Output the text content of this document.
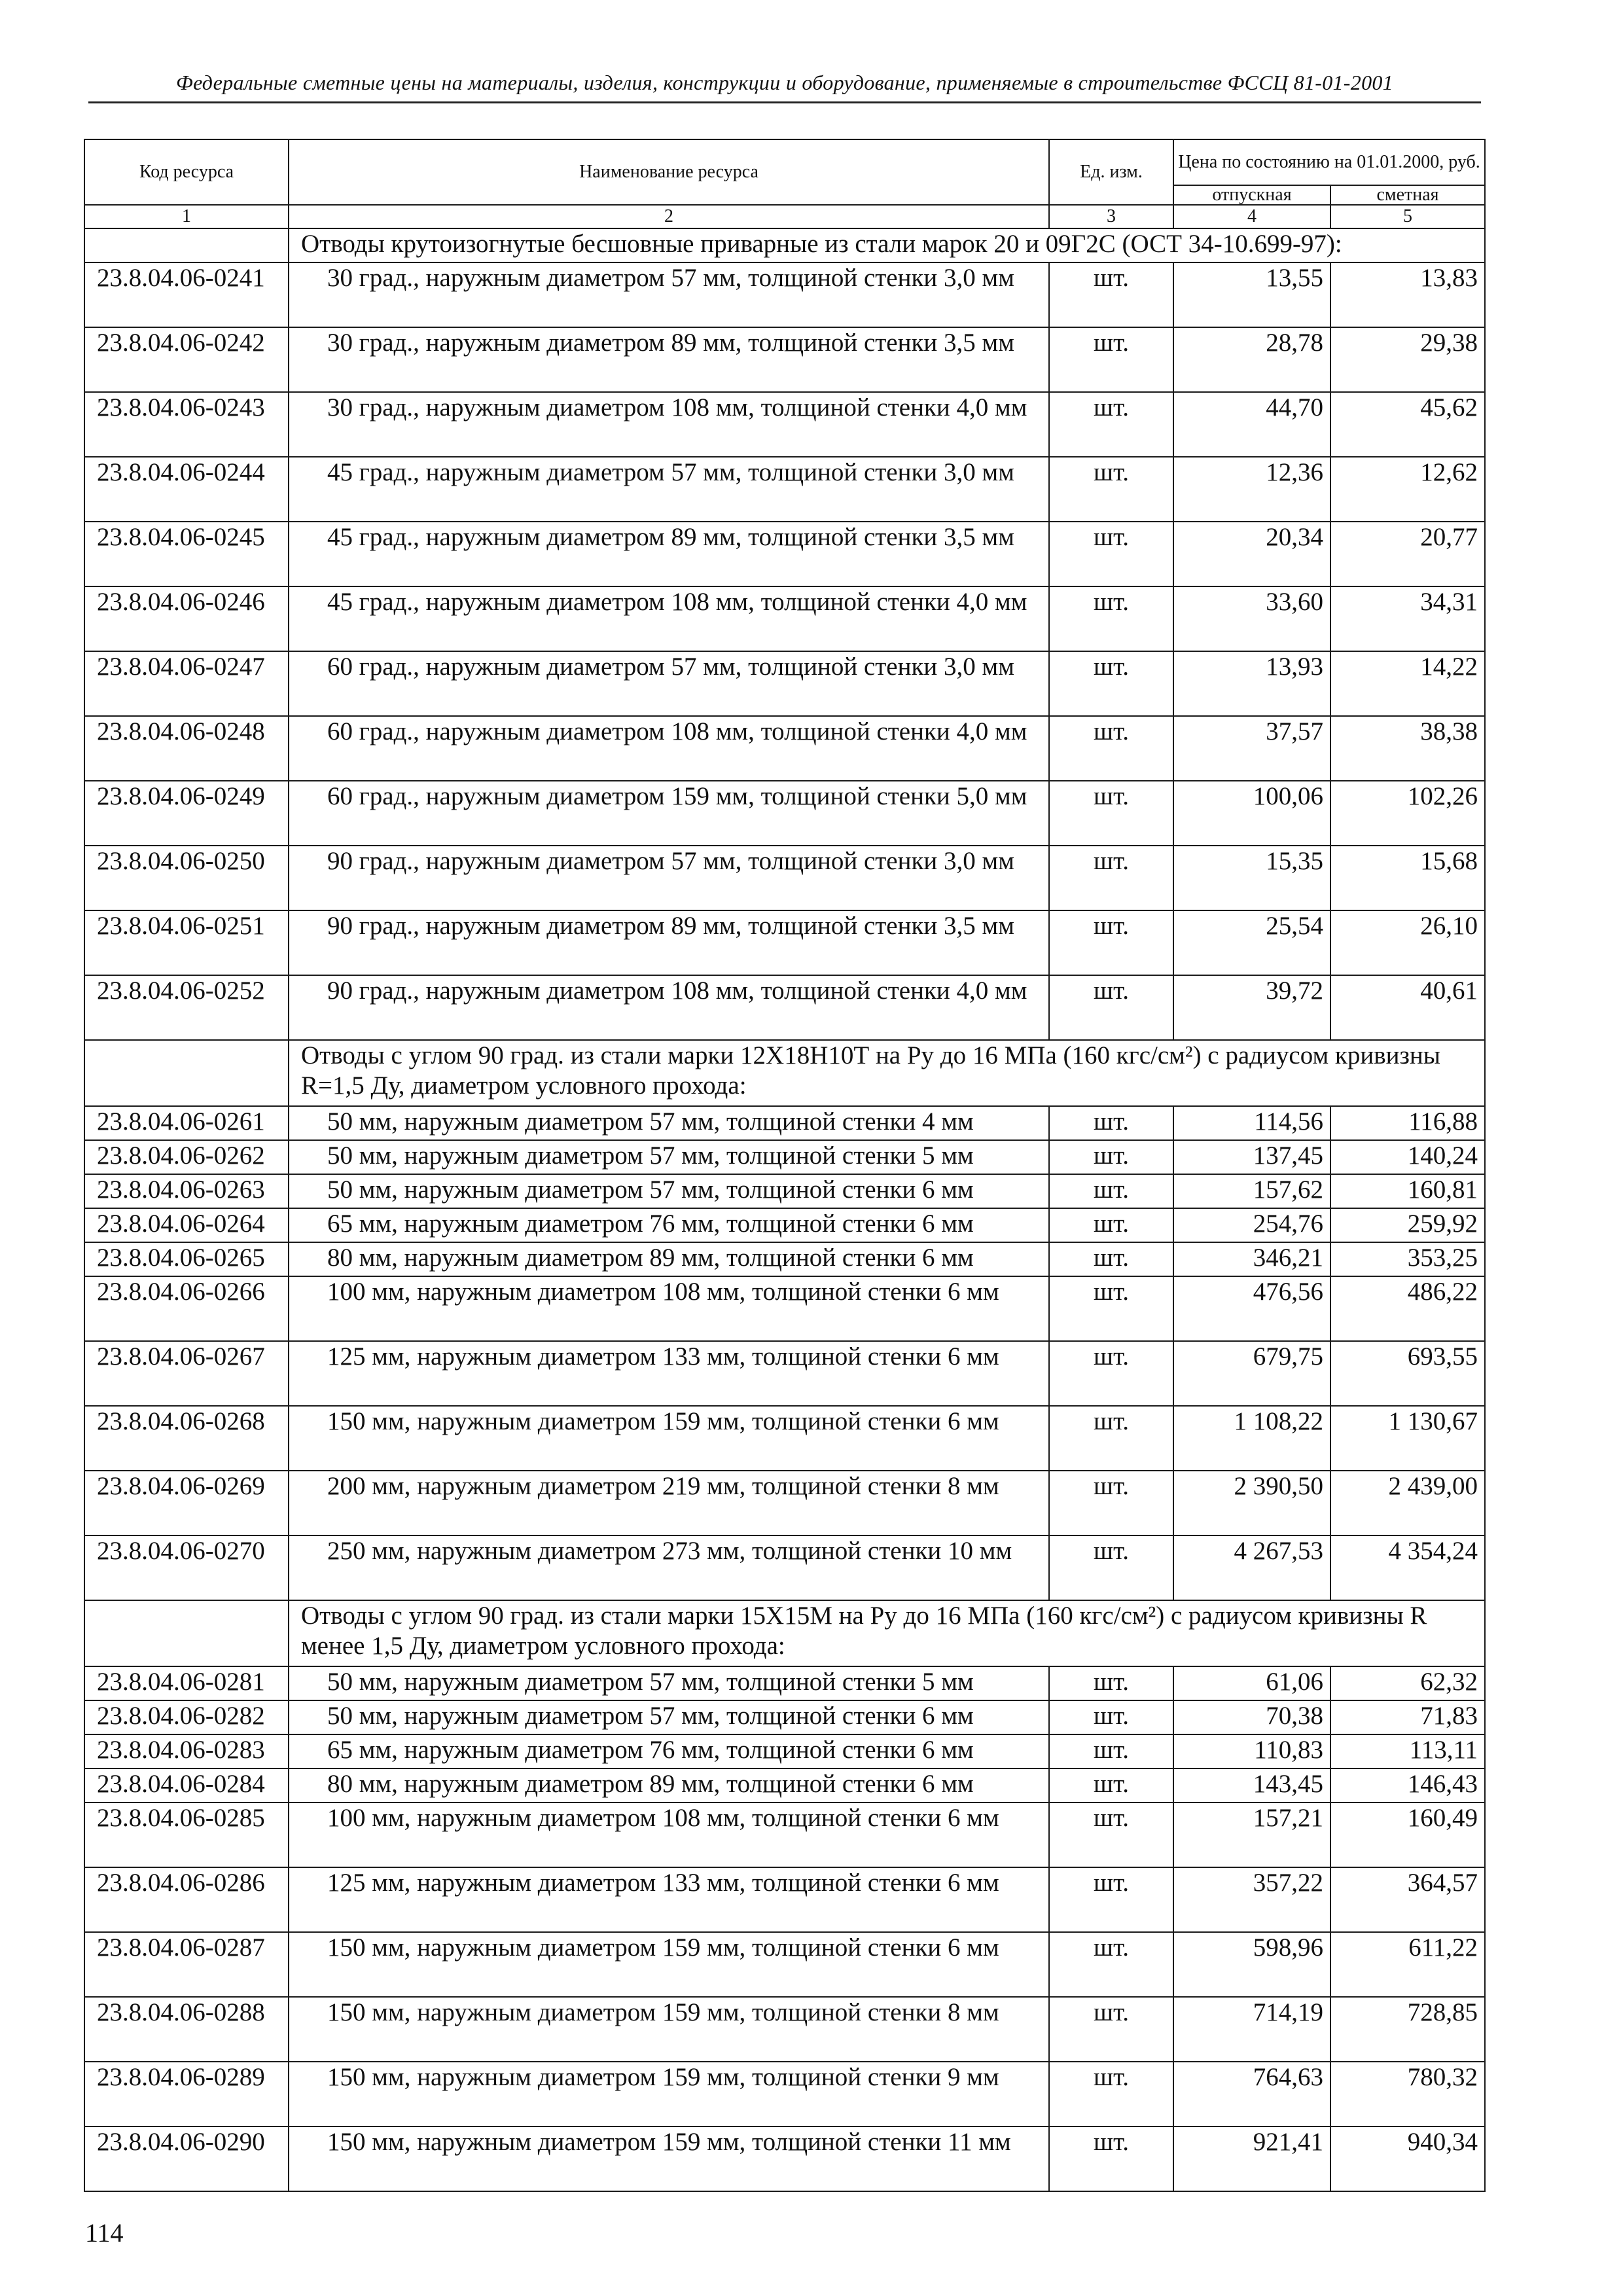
Федеральные сметные цены на материалы, изделия, конструкции и оборудование, применяемые в строительстве ФССЦ 81-01-2001
Код ресурса	Наименование ресурса	Ед. изм.	Цена по состоянию на 01.01.2000, руб.	
			отпускная	сметная
1	2	3	4	5
	Отводы крутоизогнутые бесшовные приварные из стали марок 20 и 09Г2С (ОСТ 34-10.699-97):			
23.8.04.06-0241	30 град., наружным диаметром 57 мм, толщиной стенки 3,0 мм	шт.	13,55	13,83
23.8.04.06-0242	30 град., наружным диаметром 89 мм, толщиной стенки 3,5 мм	шт.	28,78	29,38
23.8.04.06-0243	30 град., наружным диаметром 108 мм, толщиной стенки 4,0 мм	шт.	44,70	45,62
23.8.04.06-0244	45 град., наружным диаметром 57 мм, толщиной стенки 3,0 мм	шт.	12,36	12,62
23.8.04.06-0245	45 град., наружным диаметром 89 мм, толщиной стенки 3,5 мм	шт.	20,34	20,77
23.8.04.06-0246	45 град., наружным диаметром 108 мм, толщиной стенки 4,0 мм	шт.	33,60	34,31
23.8.04.06-0247	60 град., наружным диаметром 57 мм, толщиной стенки 3,0 мм	шт.	13,93	14,22
23.8.04.06-0248	60 град., наружным диаметром 108 мм, толщиной стенки 4,0 мм	шт.	37,57	38,38
23.8.04.06-0249	60 град., наружным диаметром 159 мм, толщиной стенки 5,0 мм	шт.	100,06	102,26
23.8.04.06-0250	90 град., наружным диаметром 57 мм, толщиной стенки 3,0 мм	шт.	15,35	15,68
23.8.04.06-0251	90 град., наружным диаметром 89 мм, толщиной стенки 3,5 мм	шт.	25,54	26,10
23.8.04.06-0252	90 град., наружным диаметром 108 мм, толщиной стенки 4,0 мм	шт.	39,72	40,61
	Отводы с углом 90 град. из стали марки 12Х18Н10Т на Ру до 16 МПа (160 кгс/см²) с радиусом кривизны R=1,5 Ду, диаметром условного прохода:			
23.8.04.06-0261	50 мм, наружным диаметром 57 мм, толщиной стенки 4 мм	шт.	114,56	116,88
23.8.04.06-0262	50 мм, наружным диаметром 57 мм, толщиной стенки 5 мм	шт.	137,45	140,24
23.8.04.06-0263	50 мм, наружным диаметром 57 мм, толщиной стенки 6 мм	шт.	157,62	160,81
23.8.04.06-0264	65 мм, наружным диаметром 76 мм, толщиной стенки 6 мм	шт.	254,76	259,92
23.8.04.06-0265	80 мм, наружным диаметром 89 мм, толщиной стенки 6 мм	шт.	346,21	353,25
23.8.04.06-0266	100 мм, наружным диаметром 108 мм, толщиной стенки 6 мм	шт.	476,56	486,22
23.8.04.06-0267	125 мм, наружным диаметром 133 мм, толщиной стенки 6 мм	шт.	679,75	693,55
23.8.04.06-0268	150 мм, наружным диаметром 159 мм, толщиной стенки 6 мм	шт.	1 108,22	1 130,67
23.8.04.06-0269	200 мм, наружным диаметром 219 мм, толщиной стенки 8 мм	шт.	2 390,50	2 439,00
23.8.04.06-0270	250 мм, наружным диаметром 273 мм, толщиной стенки 10 мм	шт.	4 267,53	4 354,24
	Отводы с углом 90 град. из стали марки 15Х15М на Ру до 16 МПа (160 кгс/см²) с радиусом кривизны R менее 1,5 Ду, диаметром условного прохода:			
23.8.04.06-0281	50 мм, наружным диаметром 57 мм, толщиной стенки 5 мм	шт.	61,06	62,32
23.8.04.06-0282	50 мм, наружным диаметром 57 мм, толщиной стенки 6 мм	шт.	70,38	71,83
23.8.04.06-0283	65 мм, наружным диаметром 76 мм, толщиной стенки 6 мм	шт.	110,83	113,11
23.8.04.06-0284	80 мм, наружным диаметром 89 мм, толщиной стенки 6 мм	шт.	143,45	146,43
23.8.04.06-0285	100 мм, наружным диаметром 108 мм, толщиной стенки 6 мм	шт.	157,21	160,49
23.8.04.06-0286	125 мм, наружным диаметром 133 мм, толщиной стенки 6 мм	шт.	357,22	364,57
23.8.04.06-0287	150 мм, наружным диаметром 159 мм, толщиной стенки 6 мм	шт.	598,96	611,22
23.8.04.06-0288	150 мм, наружным диаметром 159 мм, толщиной стенки 8 мм	шт.	714,19	728,85
23.8.04.06-0289	150 мм, наружным диаметром 159 мм, толщиной стенки 9 мм	шт.	764,63	780,32
23.8.04.06-0290	150 мм, наружным диаметром 159 мм, толщиной стенки 11 мм	шт.	921,41	940,34
114
